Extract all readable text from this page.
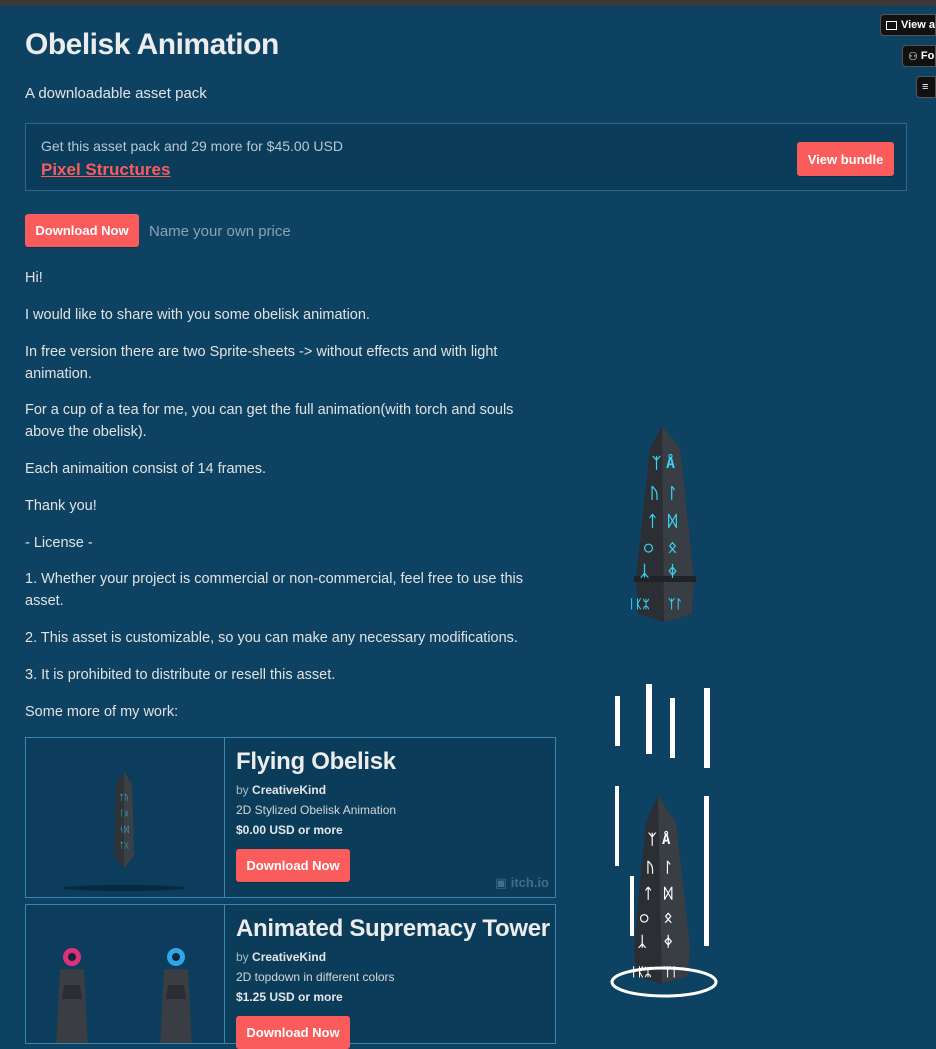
Obelisk Animation
A downloadable asset pack
Get this asset pack and 29 more for $45.00 USD
Pixel Structures
View bundle
Download Now	Name your own price

Hi!

I would like to share with you some obelisk animation.

In free version there are two Sprite-sheets -> without effects and with light animation.

For a cup of a tea for me, you can get the full animation(with torch and souls above the obelisk).

Each animaition consist of 14 frames.

Thank you!

- License -

1. Whether your project is commercial or non-commercial, feel free to use this asset.

2. This asset is customizable, so you can make any necessary modifications.

3. It is prohibited to distribute or resell this asset.

Some more of my work:

ᛉᚢ
ᛚᛟ
ᚾᛞ
ᛏᚷ
Flying Obelisk
by CreativeKind
2D Stylized Obelisk Animation
$0.00 USD or more
Download Now
▣ itch.io
Animated Supremacy Tower
by CreativeKind
2D topdown in different colors
$1.25 USD or more
Download Now
ᛉ Å
ᚢ ᛚ
ᛏ ᛞ
○ ᛟ
ᛣ ᛄ
ᛁᛕᛯ ᛉᛚ
ᛉ Å
ᚢ ᛚ
ᛏ ᛞ
○ ᛟ
ᛣ ᛄ
ᛁᛕᛯ ᛉᛚ
View a
⚇ Fo
≡
